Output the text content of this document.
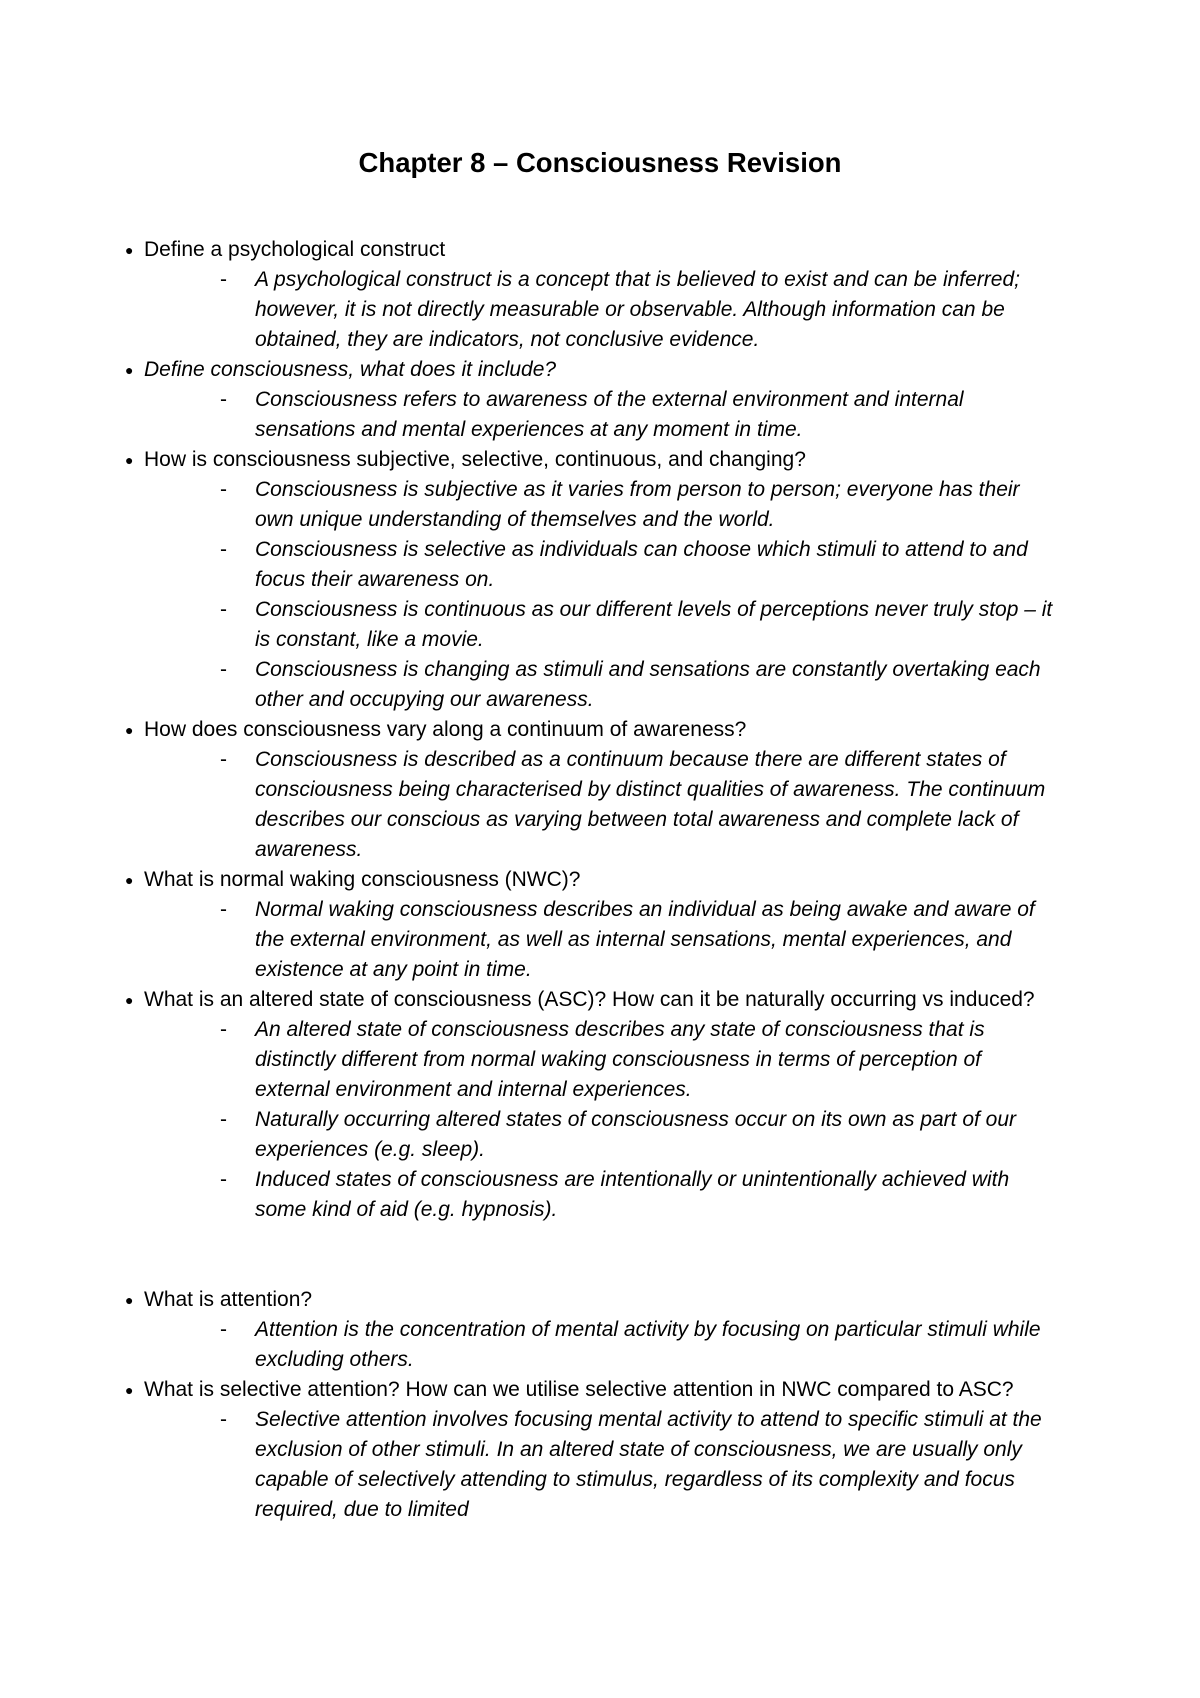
Chapter 8 – Consciousness Revision
● Define a psychological construct
- A psychological construct is a concept that is believed to exist and can be inferred; however, it is not directly measurable or observable. Although information can be obtained, they are indicators, not conclusive evidence.
● Define consciousness, what does it include?
- Consciousness refers to awareness of the external environment and internal sensations and mental experiences at any moment in time.
● How is consciousness subjective, selective, continuous, and changing?
- Consciousness is subjective as it varies from person to person; everyone has their own unique understanding of themselves and the world.
- Consciousness is selective as individuals can choose which stimuli to attend to and focus their awareness on.
- Consciousness is continuous as our different levels of perceptions never truly stop – it is constant, like a movie.
- Consciousness is changing as stimuli and sensations are constantly overtaking each other and occupying our awareness.
● How does consciousness vary along a continuum of awareness?
- Consciousness is described as a continuum because there are different states of consciousness being characterised by distinct qualities of awareness. The continuum describes our conscious as varying between total awareness and complete lack of awareness.
● What is normal waking consciousness (NWC)?
- Normal waking consciousness describes an individual as being awake and aware of the external environment, as well as internal sensations, mental experiences, and existence at any point in time.
● What is an altered state of consciousness (ASC)? How can it be naturally occurring vs induced?
- An altered state of consciousness describes any state of consciousness that is distinctly different from normal waking consciousness in terms of perception of external environment and internal experiences.
- Naturally occurring altered states of consciousness occur on its own as part of our experiences (e.g. sleep).
- Induced states of consciousness are intentionally or unintentionally achieved with some kind of aid (e.g. hypnosis).
● What is attention?
- Attention is the concentration of mental activity by focusing on particular stimuli while excluding others.
● What is selective attention? How can we utilise selective attention in NWC compared to ASC?
- Selective attention involves focusing mental activity to attend to specific stimuli at the exclusion of other stimuli. In an altered state of consciousness, we are usually only capable of selectively attending to stimulus, regardless of its complexity and focus required, due to limited
